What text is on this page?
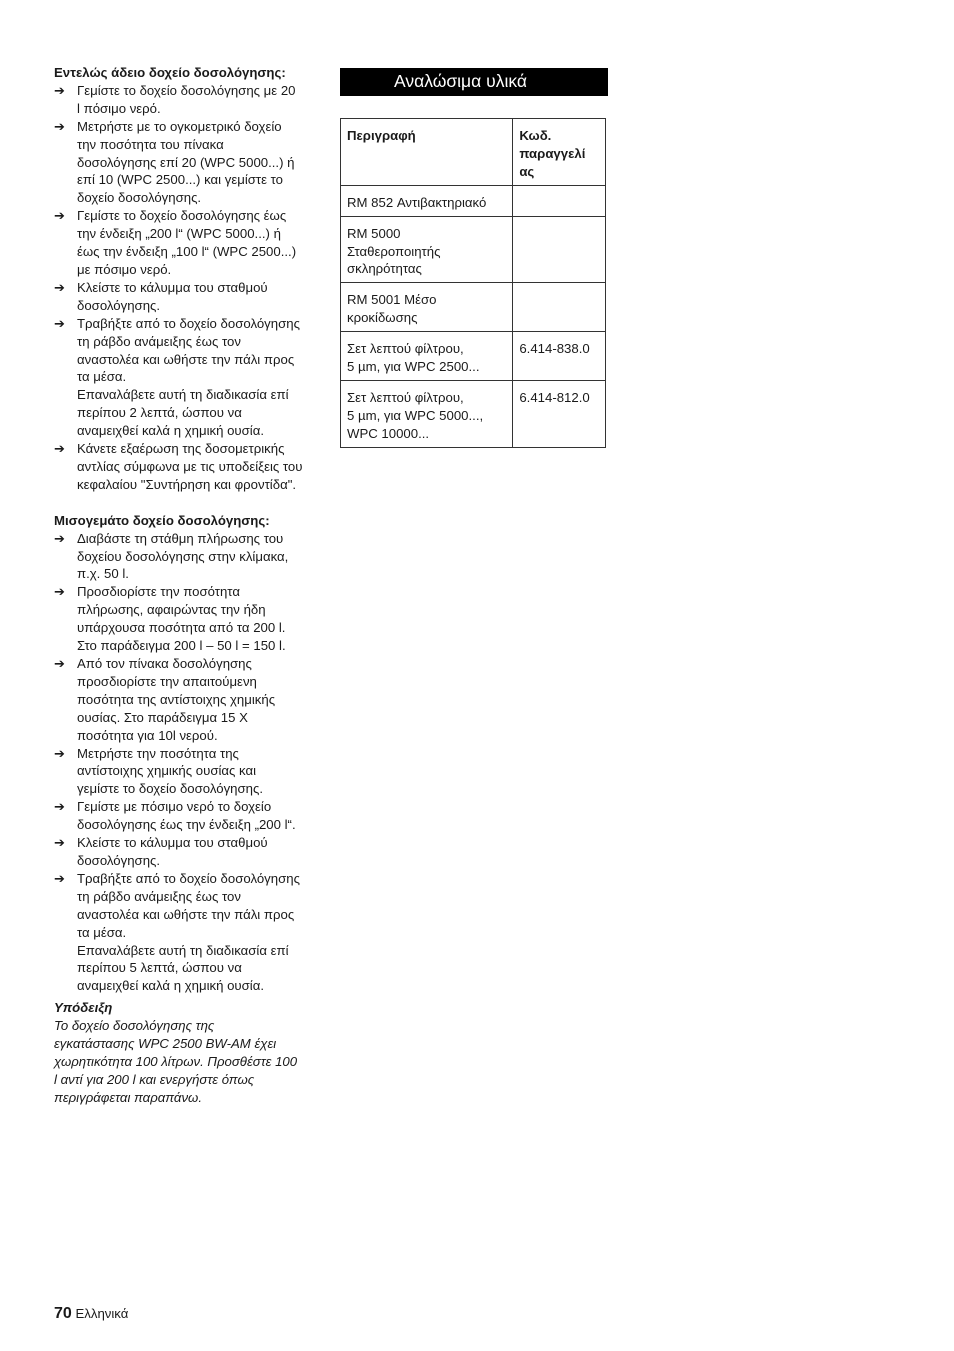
Εντελώς άδειο δοχείο δοσολόγησης:

➔ Γεμίστε το δοχείο δοσολόγησης με 20
l πόσιμο νερό.
➔ Μετρήστε με το ογκομετρικό δοχείο
την ποσότητα του πίνακα
δοσολόγησης επί 20 (WPC 5000...) ή
επί 10 (WPC 2500...) και γεμίστε το
δοχείο δοσολόγησης.
➔ Γεμίστε το δοχείο δοσολόγησης έως
την ένδειξη „200 l“ (WPC 5000...) ή
έως την ένδειξη „100 l“ (WPC 2500...)
με πόσιμο νερό.
➔ Κλείστε το κάλυμμα του σταθμού
δοσολόγησης.
➔ Τραβήξτε από το δοχείο δοσολόγησης
τη ράβδο ανάμειξης έως τον
αναστολέα και ωθήστε την πάλι προς
τα μέσα.
Επαναλάβετε αυτή τη διαδικασία επί
περίπου 2 λεπτά, ώσπου να
αναμειχθεί καλά η χημική ουσία.
➔ Κάνετε εξαέρωση της δοσομετρικής
αντλίας σύμφωνα με τις υποδείξεις του
κεφαλαίου "Συντήρηση και φροντίδα".

Μισογεμάτο δοχείο δοσολόγησης:

➔ Διαβάστε τη στάθμη πλήρωσης του
δοχείου δοσολόγησης στην κλίμακα,
π.χ. 50 l.
➔ Προσδιορίστε την ποσότητα
πλήρωσης, αφαιρώντας την ήδη
υπάρχουσα ποσότητα από τα 200 l.
Στο παράδειγμα 200 l – 50 l = 150 l.
➔ Από τον πίνακα δοσολόγησης
προσδιορίστε την απαιτούμενη
ποσότητα της αντίστοιχης χημικής
ουσίας. Στο παράδειγμα 15 X
ποσότητα για 10l νερού.
➔ Μετρήστε την ποσότητα της
αντίστοιχης χημικής ουσίας και
γεμίστε το δοχείο δοσολόγησης.
➔ Γεμίστε με πόσιμο νερό το δοχείο
δοσολόγησης έως την ένδειξη „200 l“.
➔ Κλείστε το κάλυμμα του σταθμού
δοσολόγησης.
➔ Τραβήξτε από το δοχείο δοσολόγησης
τη ράβδο ανάμειξης έως τον
αναστολέα και ωθήστε την πάλι προς
τα μέσα.
Επαναλάβετε αυτή τη διαδικασία επί
περίπου 5 λεπτά, ώσπου να
αναμειχθεί καλά η χημική ουσία.
Υπόδειξη
Το δοχείο δοσολόγησης της
εγκατάστασης WPC 2500 BW-AM έχει
χωρητικότητα 100 λίτρων. Προσθέστε 100
l αντί για 200 l και ενεργήστε όπως
περιγράφεται παραπάνω.
Αναλώσιμα υλικά
Περιγραφή	Κωδ.
παραγγελί
ας

RM 852 Αντιβακτηριακό	

RM 5000
Σταθεροποιητής
σκληρότητας	

RM 5001 Μέσο
κροκίδωσης	

Σετ λεπτού φίλτρου,
5 µm, για WPC 2500...	6.414-838.0

Σετ λεπτού φίλτρου,
5 µm, για WPC 5000...,
WPC 10000...	6.414-812.0
70 Ελληνικά
